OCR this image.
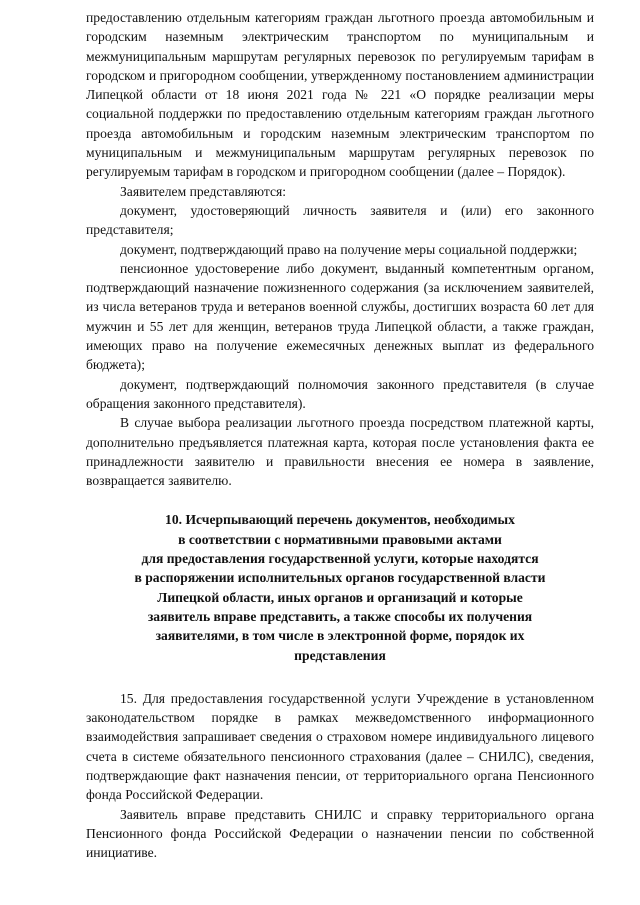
предоставлению отдельным категориям граждан льготного проезда автомобильным и городским наземным электрическим транспортом по муниципальным и межмуниципальным маршрутам регулярных перевозок по регулируемым тарифам в городском и пригородном сообщении, утвержденному постановлением администрации Липецкой области от 18 июня 2021 года № 221 «О порядке реализации меры социальной поддержки по предоставлению отдельным категориям граждан льготного проезда автомобильным и городским наземным электрическим транспортом по муниципальным и межмуниципальным маршрутам регулярных перевозок по регулируемым тарифам в городском и пригородном сообщении (далее – Порядок).

Заявителем представляются:

документ, удостоверяющий личность заявителя и (или) его законного представителя;

документ, подтверждающий право на получение меры социальной поддержки;

пенсионное удостоверение либо документ, выданный компетентным органом, подтверждающий назначение пожизненного содержания (за исключением заявителей, из числа ветеранов труда и ветеранов военной службы, достигших возраста 60 лет для мужчин и 55 лет для женщин, ветеранов труда Липецкой области, а также граждан, имеющих право на получение ежемесячных денежных выплат из федерального бюджета);

документ, подтверждающий полномочия законного представителя (в случае обращения законного представителя).

В случае выбора реализации льготного проезда посредством платежной карты, дополнительно предъявляется платежная карта, которая после установления факта ее принадлежности заявителю и правильности внесения ее номера в заявление, возвращается заявителю.

10. Исчерпывающий перечень документов, необходимых
в соответствии с нормативными правовыми актами
для предоставления государственной услуги, которые находятся
в распоряжении исполнительных органов государственной власти
Липецкой области, иных органов и организаций и которые
заявитель вправе представить, а также способы их получения
заявителями, в том числе в электронной форме, порядок их
представления

15. Для предоставления государственной услуги Учреждение в установленном законодательством порядке в рамках межведомственного информационного взаимодействия запрашивает сведения о страховом номере индивидуального лицевого счета в системе обязательного пенсионного страхования (далее – СНИЛС), сведения, подтверждающие факт назначения пенсии, от территориального органа Пенсионного фонда Российской Федерации.

Заявитель вправе представить СНИЛС и справку территориального органа Пенсионного фонда Российской Федерации о назначении пенсии по собственной инициативе.
